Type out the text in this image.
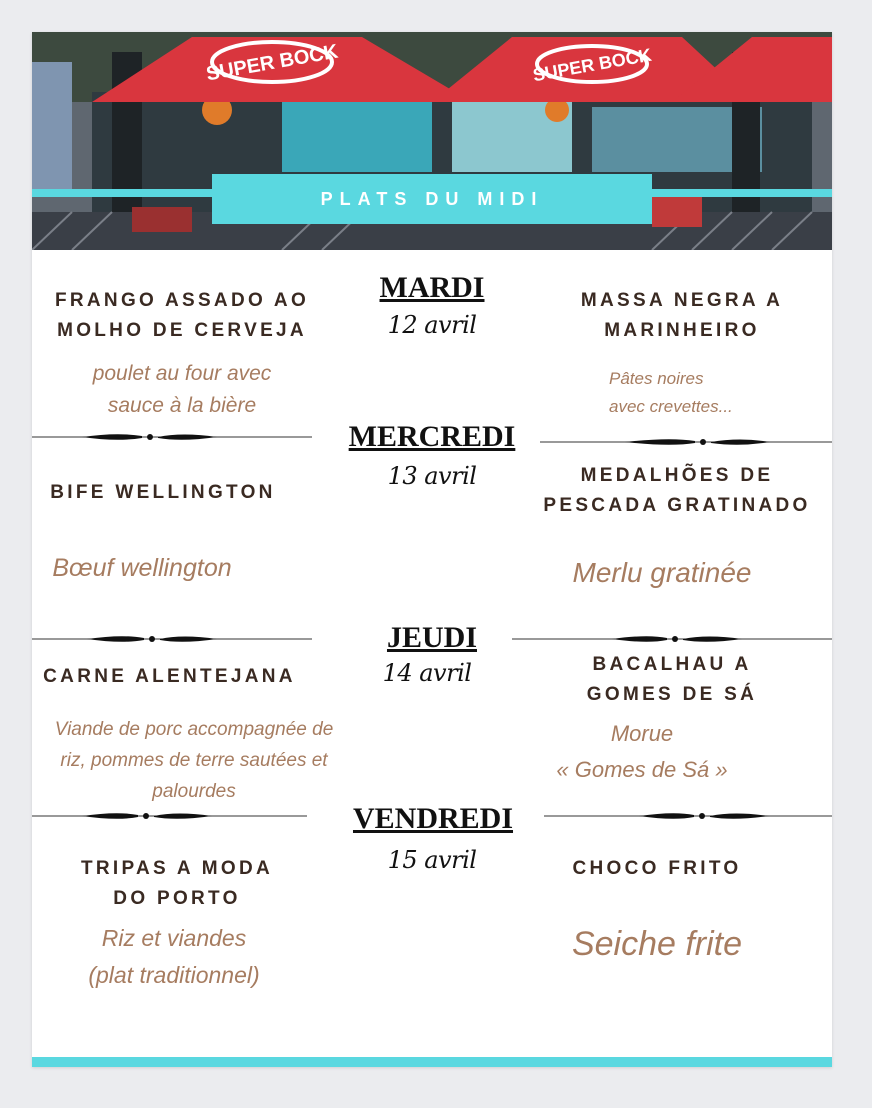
SUPER BOCK	SUPER BOCK
PLATS DU MIDI
MARDI
12 avril
FRANGO ASSADO AO
MOLHO DE CERVEJA
poulet au four avec
sauce à la bière
MASSA NEGRA A
MARINHEIRO
Pâtes noires
avec crevettes...
MERCREDI
13 avril
BIFE WELLINGTON
Bœuf wellington
MEDALHÕES DE
PESCADA GRATINADO
Merlu gratinée
JEUDI
14 avril
CARNE ALENTEJANA
Viande de porc accompagnée de
riz, pommes de terre sautées et
palourdes
BACALHAU A
GOMES DE SÁ
Morue
« Gomes de Sá »
VENDREDI
15 avril
TRIPAS A MODA
DO PORTO
Riz et viandes
(plat traditionnel)
CHOCO FRITO
Seiche frite
